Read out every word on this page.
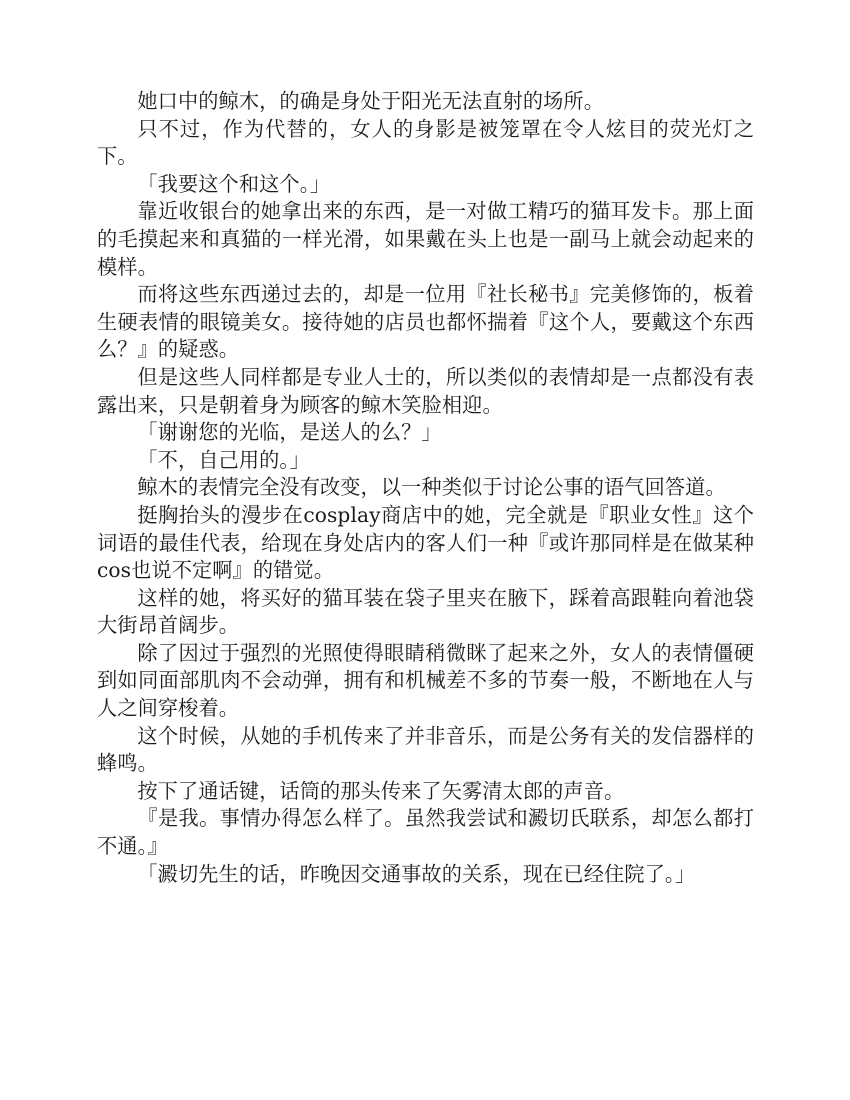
她口中的鲸木，的确是身处于阳光无法直射的场所。

只不过，作为代替的，女人的身影是被笼罩在令人炫目的荧光灯之下。

「我要这个和这个。」

靠近收银台的她拿出来的东西，是一对做工精巧的猫耳发卡。那上面的毛摸起来和真猫的一样光滑，如果戴在头上也是一副马上就会动起来的模样。

而将这些东西递过去的，却是一位用『社长秘书』完美修饰的，板着生硬表情的眼镜美女。接待她的店员也都怀揣着『这个人，要戴这个东西么？』的疑惑。

但是这些人同样都是专业人士的，所以类似的表情却是一点都没有表露出来，只是朝着身为顾客的鲸木笑脸相迎。

「谢谢您的光临，是送人的么？」

「不，自己用的。」

鲸木的表情完全没有改变，以一种类似于讨论公事的语气回答道。

挺胸抬头的漫步在cosplay商店中的她，完全就是『职业女性』这个词语的最佳代表，给现在身处店内的客人们一种『或许那同样是在做某种cos也说不定啊』的错觉。

这样的她，将买好的猫耳装在袋子里夹在腋下，踩着高跟鞋向着池袋大街昂首阔步。

除了因过于强烈的光照使得眼睛稍微眯了起来之外，女人的表情僵硬到如同面部肌肉不会动弹，拥有和机械差不多的节奏一般，不断地在人与人之间穿梭着。

这个时候，从她的手机传来了并非音乐，而是公务有关的发信器样的蜂鸣。

按下了通话键，话筒的那头传来了矢雾清太郎的声音。

『是我。事情办得怎么样了。虽然我尝试和澱切氏联系，却怎么都打不通。』

「澱切先生的话，昨晚因交通事故的关系，现在已经住院了。」
